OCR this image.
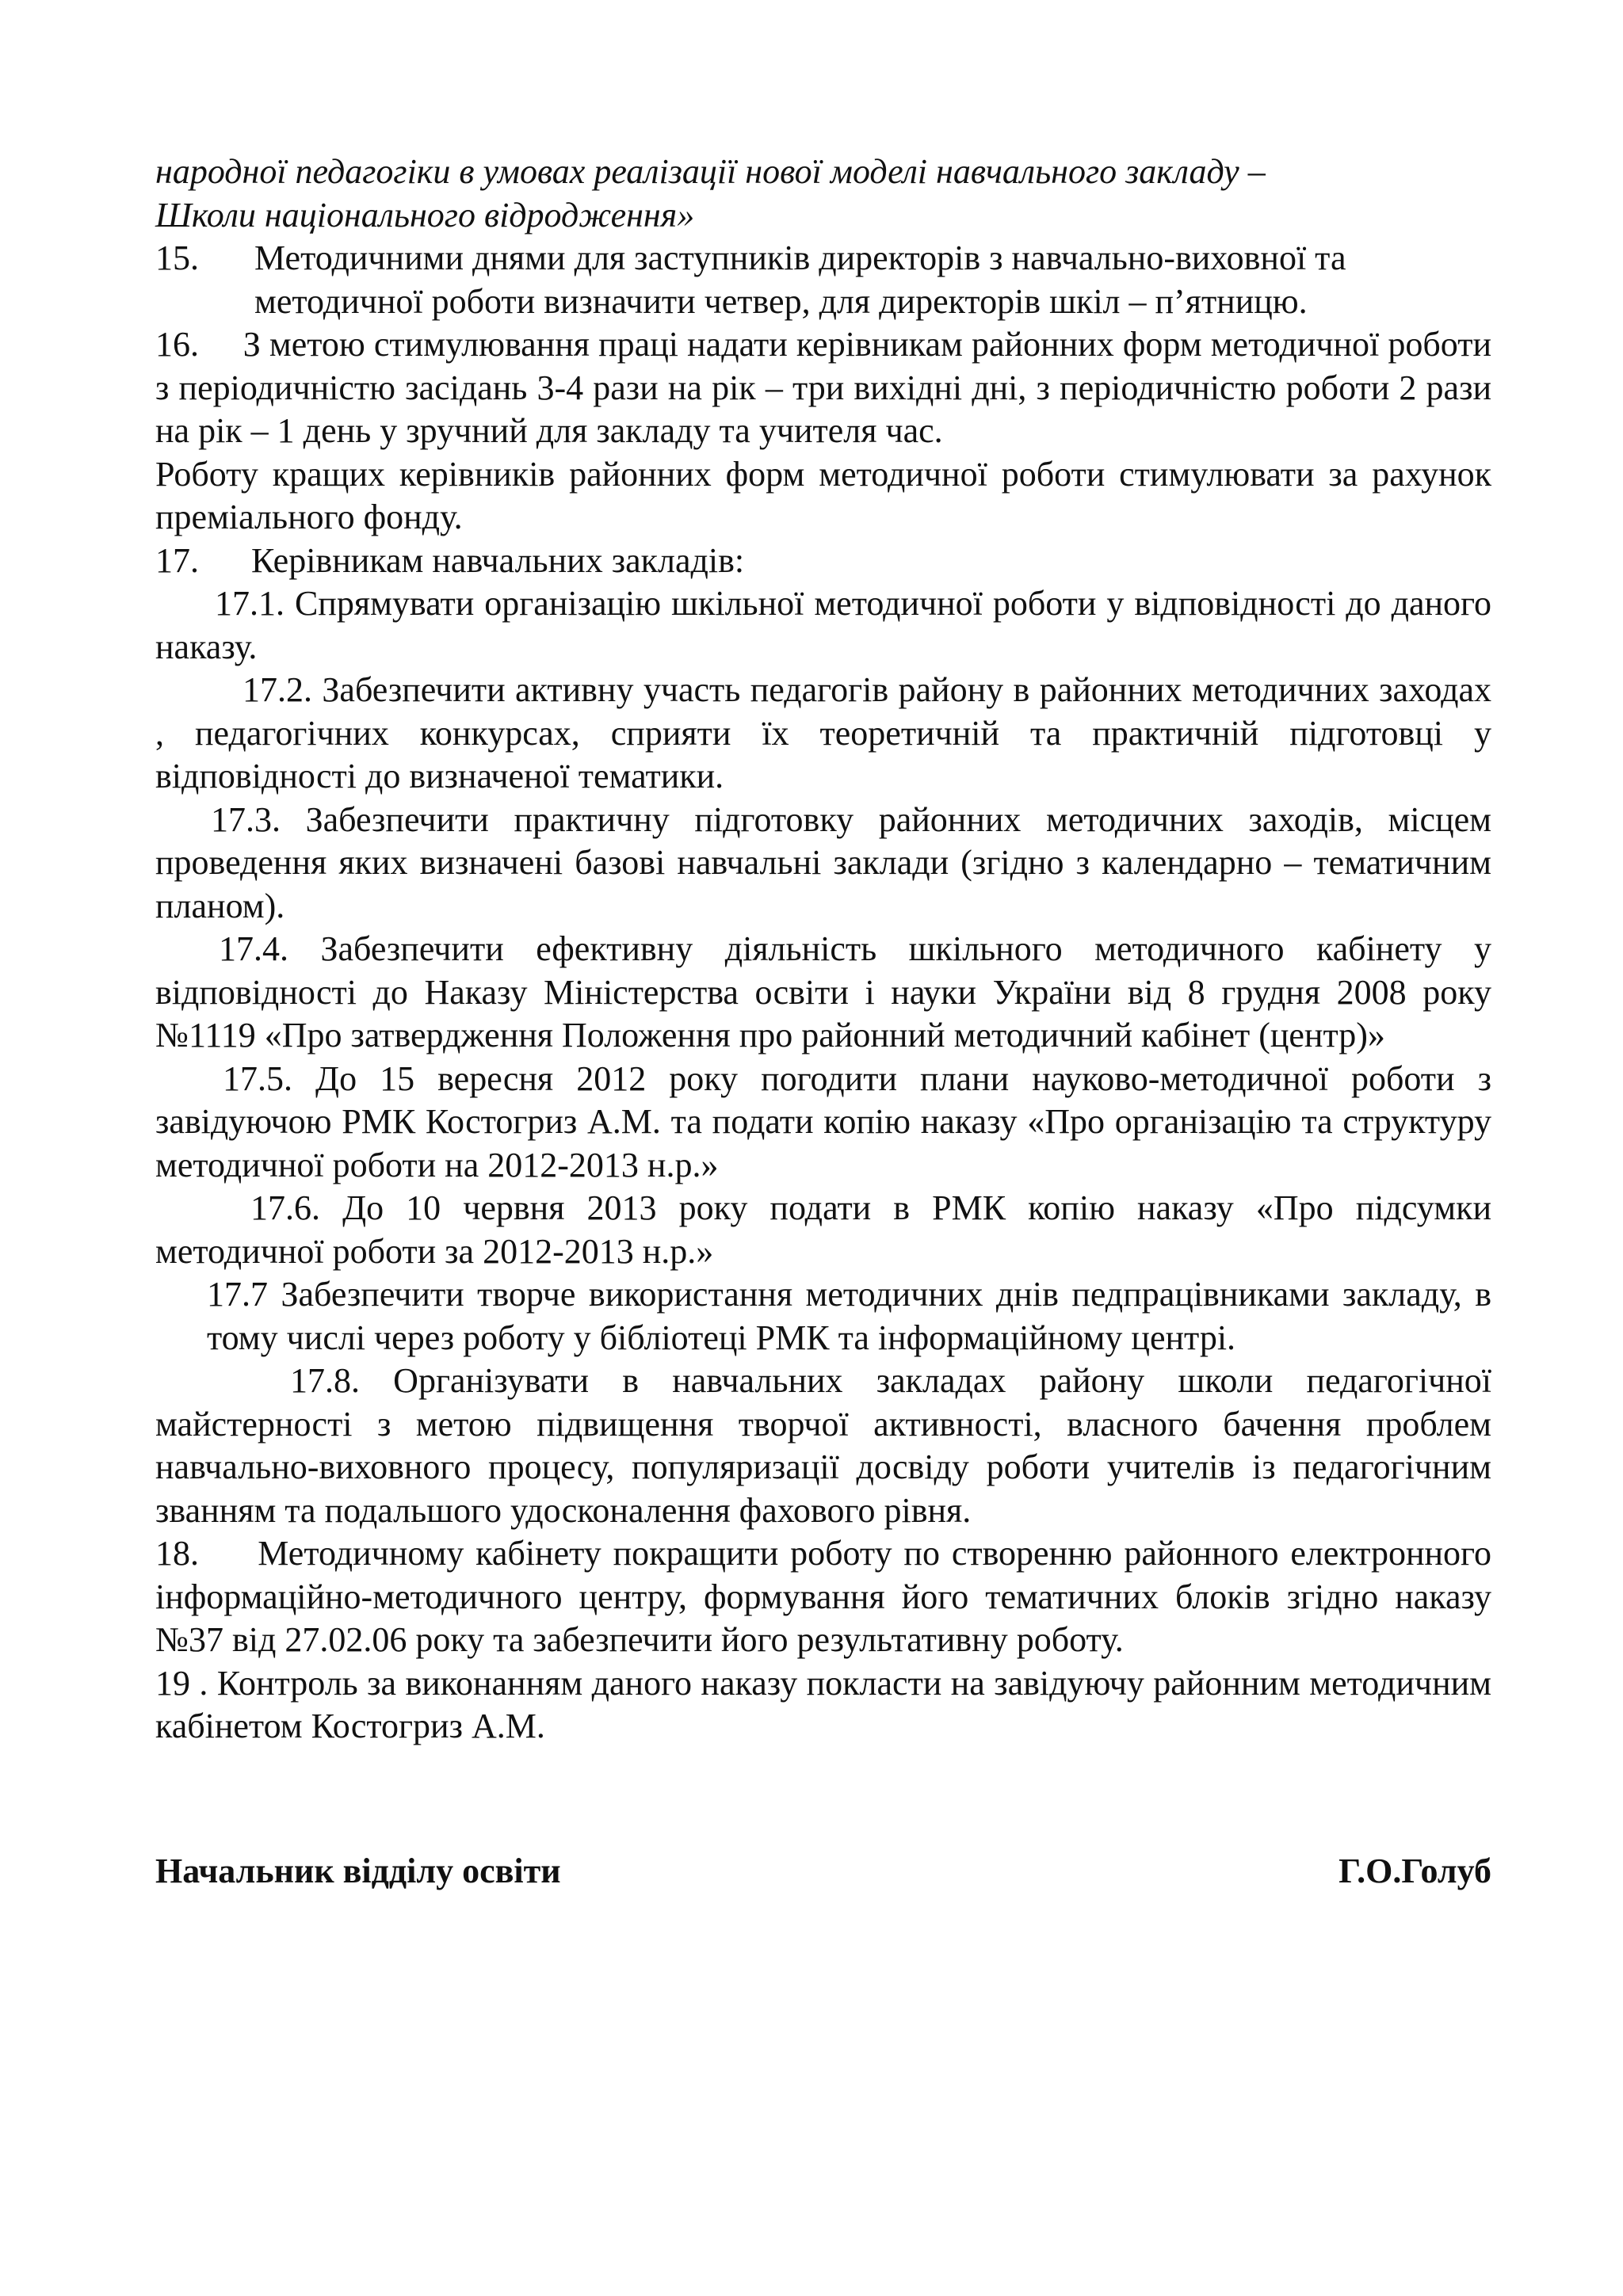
народної педагогіки в умовах реалізації нової моделі навчального закладу –

Школи національного відродження»

15. Методичними днями для заступників директорів з навчально-виховної та методичної роботи визначити четвер, для директорів шкіл – п’ятницю.

16. З метою стимулювання праці надати керівникам районних форм методичної роботи з періодичністю засідань 3-4 рази на рік – три вихідні дні, з періодичністю роботи 2 рази на рік – 1 день у зручний для закладу та учителя час.

Роботу кращих керівників районних форм методичної роботи стимулювати за рахунок преміального фонду.

17. Керівникам навчальних закладів:

17.1. Спрямувати організацію шкільної методичної роботи у відповідності до даного наказу.

17.2. Забезпечити активну участь педагогів району в районних методичних заходах , педагогічних конкурсах, сприяти їх теоретичній та практичній підготовці у відповідності до визначеної тематики.

17.3. Забезпечити практичну підготовку районних методичних заходів, місцем проведення яких визначені базові навчальні заклади (згідно з календарно – тематичним планом).

17.4. Забезпечити ефективну діяльність шкільного методичного кабінету у відповідності до Наказу Міністерства освіти і науки України від 8 грудня 2008 року №1119 «Про затвердження Положення про районний методичний кабінет (центр)»

17.5. До 15 вересня 2012 року погодити плани науково-методичної роботи з завідуючою РМК Костогриз А.М. та подати копію наказу «Про організацію та структуру методичної роботи на 2012-2013 н.р.»

17.6. До 10 червня 2013 року подати в РМК копію наказу «Про підсумки методичної роботи за 2012-2013 н.р.»

17.7 Забезпечити творче використання методичних днів педпрацівниками закладу, в тому числі через роботу у бібліотеці РМК та інформаційному центрі.

17.8. Організувати в навчальних закладах району школи педагогічної майстерності з метою підвищення творчої активності, власного бачення проблем навчально-виховного процесу, популяризації досвіду роботи учителів із педагогічним званням та подальшого удосконалення фахового рівня.

18. Методичному кабінету покращити роботу по створенню районного електронного інформаційно-методичного центру, формування його тематичних блоків згідно наказу №37 від 27.02.06 року та забезпечити його результативну роботу.

19 . Контроль за виконанням даного наказу покласти на завідуючу районним методичним кабінетом Костогриз А.М.

Начальник відділу освіти	Г.О.Голуб
